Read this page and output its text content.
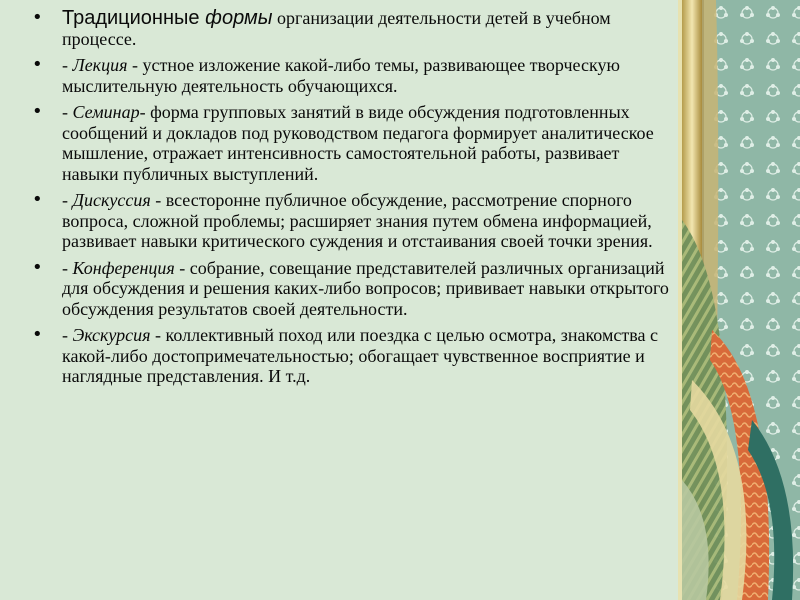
• Традиционные формы организации деятельности детей в учебном процессе.
• - Лекция - устное изложение какой-либо темы, развивающее творческую мыслительную деятельность обучающихся.
• - Семинар- форма групповых занятий в виде обсуждения подготовленных сообщений и докладов под руководством педагога формирует аналитическое мышление, отражает интенсивность самостоятельной работы, развивает навыки публичных выступлений.
• - Дискуссия - всесторонне публичное обсуждение, рассмотрение спорного вопроса, сложной проблемы; расширяет знания путем обмена информацией, развивает навыки критического суждения и отстаивания своей точки зрения.
• - Конференция - собрание, совещание представителей различных организаций для обсуждения и решения каких-либо вопросов; прививает навыки открытого обсуждения результатов своей деятельности.
• - Экскурсия - коллективный поход или поездка с целью осмотра, знакомства с какой-либо достопримечательностью; обогащает чувственное восприятие и наглядные представления. И т.д.
